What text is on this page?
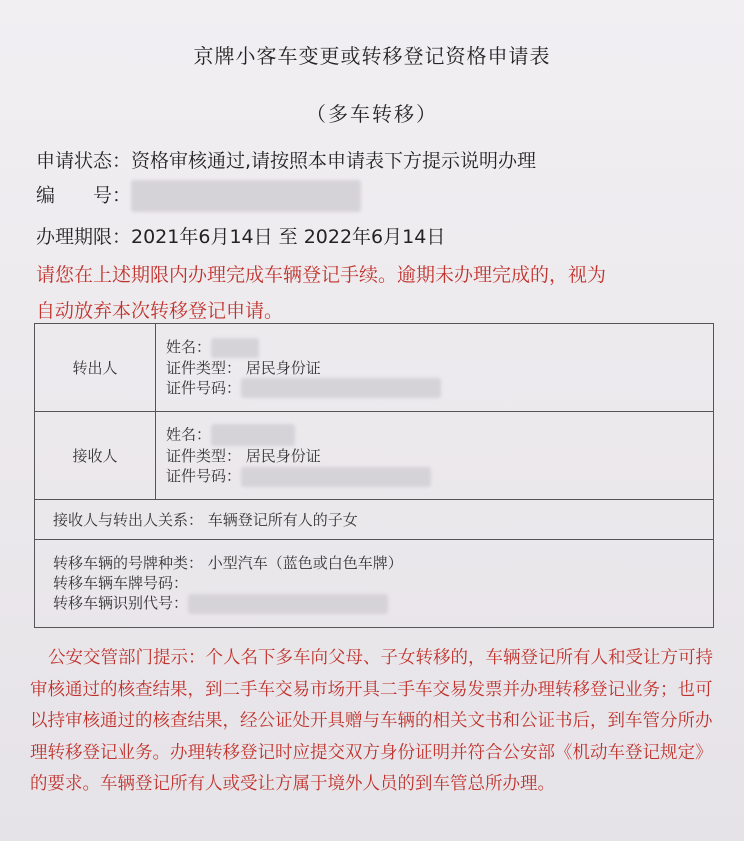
京牌小客车变更或转移登记资格申请表
（多车转移）
申请状态：资格审核通过,请按照本申请表下方提示说明办理
编　　号：
办理期限：2021年6月14日 至 2022年6月14日
请您在上述期限内办理完成车辆登记手续。逾期未办理完成的，视为
自动放弃本次转移登记申请。
转出人	姓名：
证件类型： 居民身份证
证件号码：

接收人	姓名：
证件类型： 居民身份证
证件号码：

接收人与转出人关系： 车辆登记所有人的子女	

转移车辆的号牌种类： 小型汽车（蓝色或白色车牌）
转移车辆车牌号码：
转移车辆识别代号：	
公安交管部门提示：个人名下多车向父母、子女转移的，车辆登记所有人和受让方可持审核通过的核查结果，到二手车交易市场开具二手车交易发票并办理转移登记业务；也可以持审核通过的核查结果，经公证处开具赠与车辆的相关文书和公证书后，到车管分所办理转移登记业务。办理转移登记时应提交双方身份证明并符合公安部《机动车登记规定》的要求。车辆登记所有人或受让方属于境外人员的到车管总所办理。
